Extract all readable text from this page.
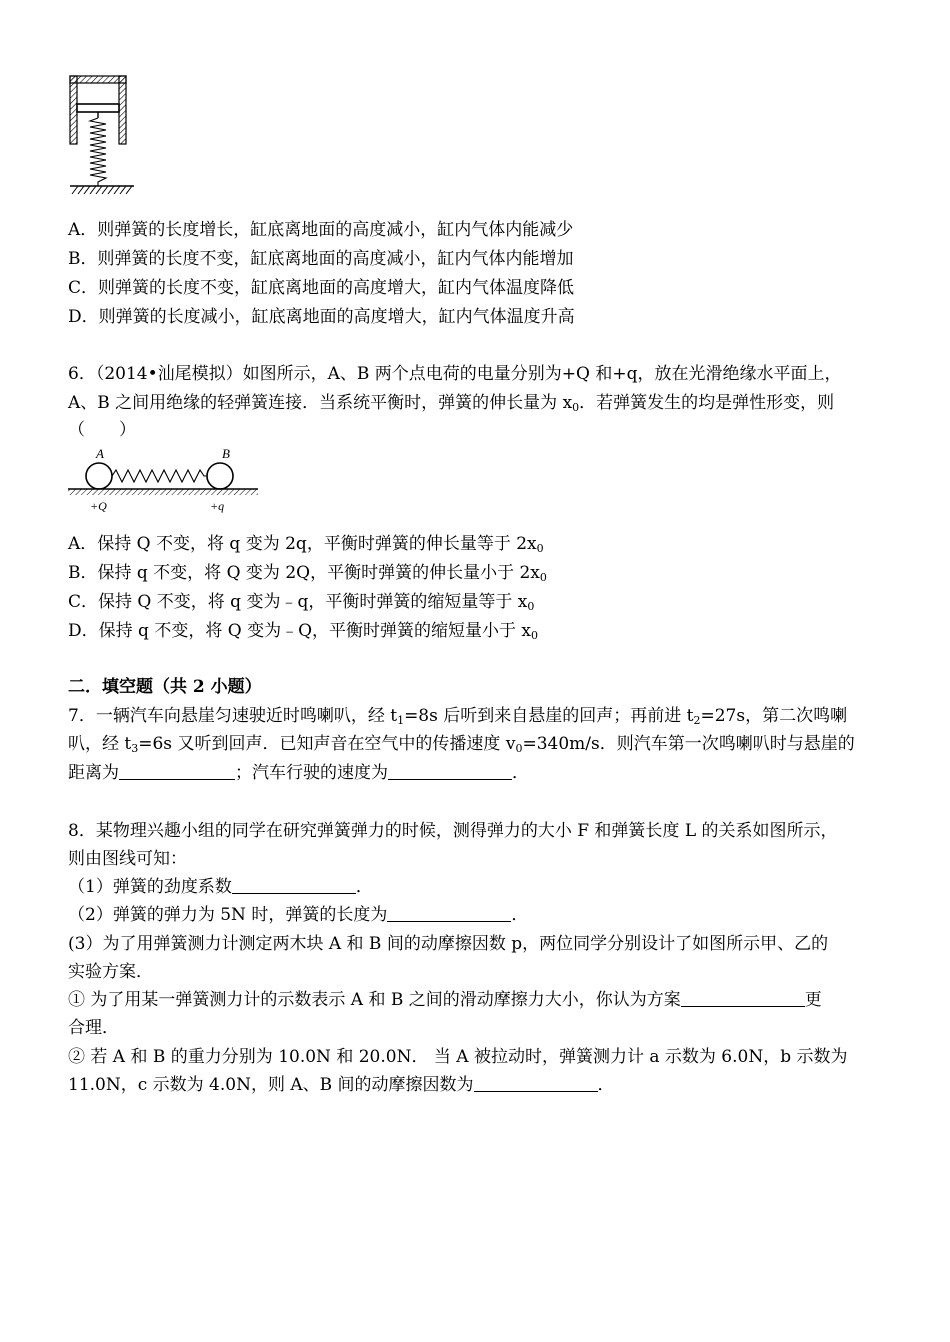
A．则弹簧的长度增长，缸底离地面的高度减小，缸内气体内能减少
B．则弹簧的长度不变，缸底离地面的高度减小，缸内气体内能增加
C．则弹簧的长度不变，缸底离地面的高度增大，缸内气体温度降低
D．则弹簧的长度减小，缸底离地面的高度增大，缸内气体温度升高
6．（2014•汕尾模拟）如图所示，A、B 两个点电荷的电量分别为+Q 和+q，放在光滑绝缘水平面上，
A、B 之间用绝缘的轻弹簧连接．当系统平衡时，弹簧的伸长量为 $x_0$．若弹簧发生的均是弹性形变，则
（　　）
A	B
+Q	+q
A．保持 Q 不变，将 q 变为 2q，平衡时弹簧的伸长量等于 $2x_0$
B．保持 q 不变，将 Q 变为 2Q，平衡时弹簧的伸长量小于 $2x_0$
C．保持 Q 不变，将 q 变为﹣q，平衡时弹簧的缩短量等于 $x_0$
D．保持 q 不变，将 Q 变为﹣Q，平衡时弹簧的缩短量小于 $x_0$
二．填空题（共 2 小题）
7．一辆汽车向悬崖匀速驶近时鸣喇叭，经 $t_1=8s$ 后听到来自悬崖的回声；再前进 $t_2=27s$，第二次鸣喇
叭，经 $t_3=6s$ 又听到回声．已知声音在空气中的传播速度 $v_0=340m/s$．则汽车第一次鸣喇叭时与悬崖的
距离为	；汽车行驶的速度为	．
8．某物理兴趣小组的同学在研究弹簧弹力的时候，测得弹力的大小 F 和弹簧长度 L 的关系如图所示，
则由图线可知：
（1）弹簧的劲度系数	．
（2）弹簧的弹力为 5N 时，弹簧的长度为	．
(3）为了用弹簧测力计测定两木块 A 和 B 间的动摩擦因数 p，两位同学分别设计了如图所示甲、乙的
实验方案．
① 为了用某一弹簧测力计的示数表示 A 和 B 之间的滑动摩擦力大小，你认为方案	更
合理．
② 若 A 和 B 的重力分别为 10.0N 和 20.0N． 当 A 被拉动时，弹簧测力计 a 示数为 6.0N，b 示数为
11.0N，c 示数为 4.0N，则 A、B 间的动摩擦因数为	．
